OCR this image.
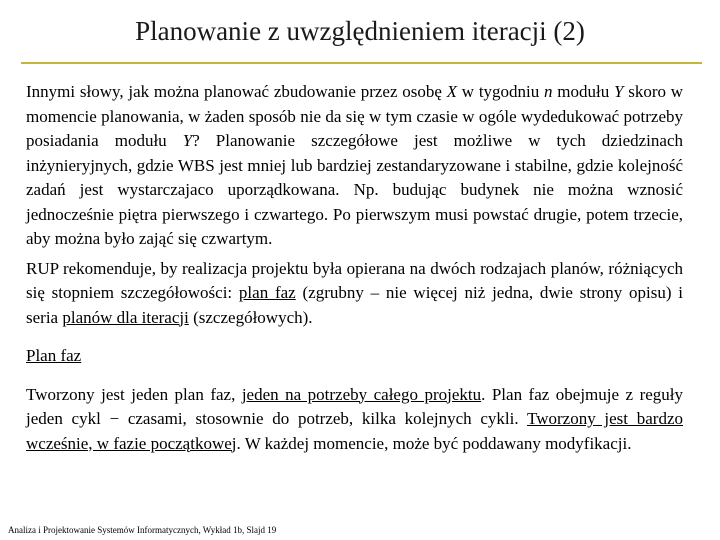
Planowanie z uwzględnieniem iteracji (2)

Innymi słowy, jak można planować zbudowanie przez osobę X w tygodniu n modułu Y skoro w momencie planowania, w żaden sposób nie da się w tym czasie w ogóle wydedukować potrzeby posiadania modułu Y? Planowanie szczegółowe jest możliwe w tych dziedzinach inżynieryjnych, gdzie WBS jest mniej lub bardziej zestandaryzowane i stabilne, gdzie kolejność zadań jest wystarczajaco uporządkowana. Np. budując budynek nie można wznosić jednocześnie piętra pierwszego i czwartego. Po pierwszym musi powstać drugie, potem trzecie, aby można było zająć się czwartym.

RUP rekomenduje, by realizacja projektu była opierana na dwóch rodzajach planów, różniących się stopniem szczegółowości: plan faz (zgrubny – nie więcej niż jedna, dwie strony opisu) i seria planów dla iteracji (szczegółowych).

Plan faz

Tworzony jest jeden plan faz, jeden na potrzeby całego projektu. Plan faz obejmuje z reguły jeden cykl − czasami, stosownie do potrzeb, kilka kolejnych cykli. Tworzony jest bardzo wcześnie, w fazie początkowej. W każdej momencie, może być poddawany modyfikacji.

Analiza i Projektowanie Systemów Informatycznych, Wykład 1b, Slajd 19
